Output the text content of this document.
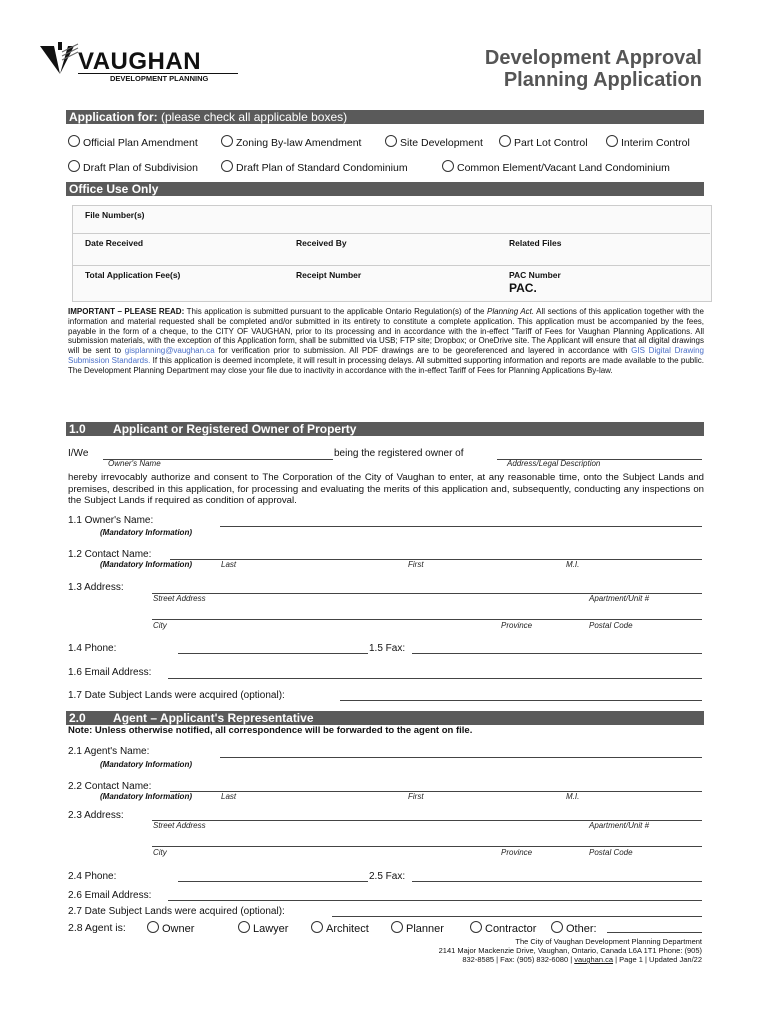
VAUGHAN
DEVELOPMENT PLANNING
Development Approval
Planning Application
Application for: (please check all applicable boxes)
Official Plan Amendment	Zoning By-law Amendment	Site Development	Part Lot Control	Interim Control
Draft Plan of Subdivision	Draft Plan of Standard Condominium	Common Element/Vacant Land Condominium
Office Use Only
File Number(s)
Date Received	Received By	Related Files
Total Application Fee(s)	Receipt Number	PAC Number
PAC.
IMPORTANT – PLEASE READ: This application is submitted pursuant to the applicable Ontario Regulation(s) of the Planning Act. All sections of this application together with the information and material requested shall be completed and/or submitted in its entirety to constitute a complete application. This application must be accompanied by the fees, payable in the form of a cheque, to the CITY OF VAUGHAN, prior to its processing and in accordance with the in-effect "Tariff of Fees for Vaughan Planning Applications. All submission materials, with the exception of this Application form, shall be submitted via USB; FTP site; Dropbox; or OneDrive site. The Applicant will ensure that all digital drawings will be sent to gisplanning@vaughan.ca for verification prior to submission. All PDF drawings are to be georeferenced and layered in accordance with GIS Digital Drawing Submission Standards. If this application is deemed incomplete, it will result in processing delays. All submitted supporting information and reports are made available to the public. The Development Planning Department may close your file due to inactivity in accordance with the in-effect Tariff of Fees for Planning Applications By-law.
1.0 Applicant or Registered Owner of Property
I/We	being the registered owner of
Owner's Name	Address/Legal Description
hereby irrevocably authorize and consent to The Corporation of the City of Vaughan to enter, at any reasonable time, onto the Subject Lands and premises, described in this application, for processing and evaluating the merits of this application and, subsequently, conducting any inspections on the Subject Lands if required as condition of approval.
1.1 Owner's Name:
(Mandatory Information)
1.2 Contact Name:
(Mandatory Information)	Last	First	M.I.
1.3 Address:
Street Address	Apartment/Unit #
City	Province	Postal Code
1.4 Phone:	1.5 Fax:
1.6 Email Address:
1.7 Date Subject Lands were acquired (optional):
2.0 Agent – Applicant's Representative
Note: Unless otherwise notified, all correspondence will be forwarded to the agent on file.
2.1 Agent's Name:
(Mandatory Information)
2.2 Contact Name:
(Mandatory Information)	Last	First	M.I.
2.3 Address:
Street Address	Apartment/Unit #
City	Province	Postal Code
2.4 Phone:	2.5 Fax:
2.6 Email Address:
2.7 Date Subject Lands were acquired (optional):
2.8 Agent is:	Owner	Lawyer	Architect	Planner	Contractor	Other:
The City of Vaughan Development Planning Department
2141 Major Mackenzie Drive, Vaughan, Ontario, Canada L6A 1T1 Phone: (905)
832-8585 | Fax: (905) 832-6080 | vaughan.ca | Page 1 | Updated Jan/22
